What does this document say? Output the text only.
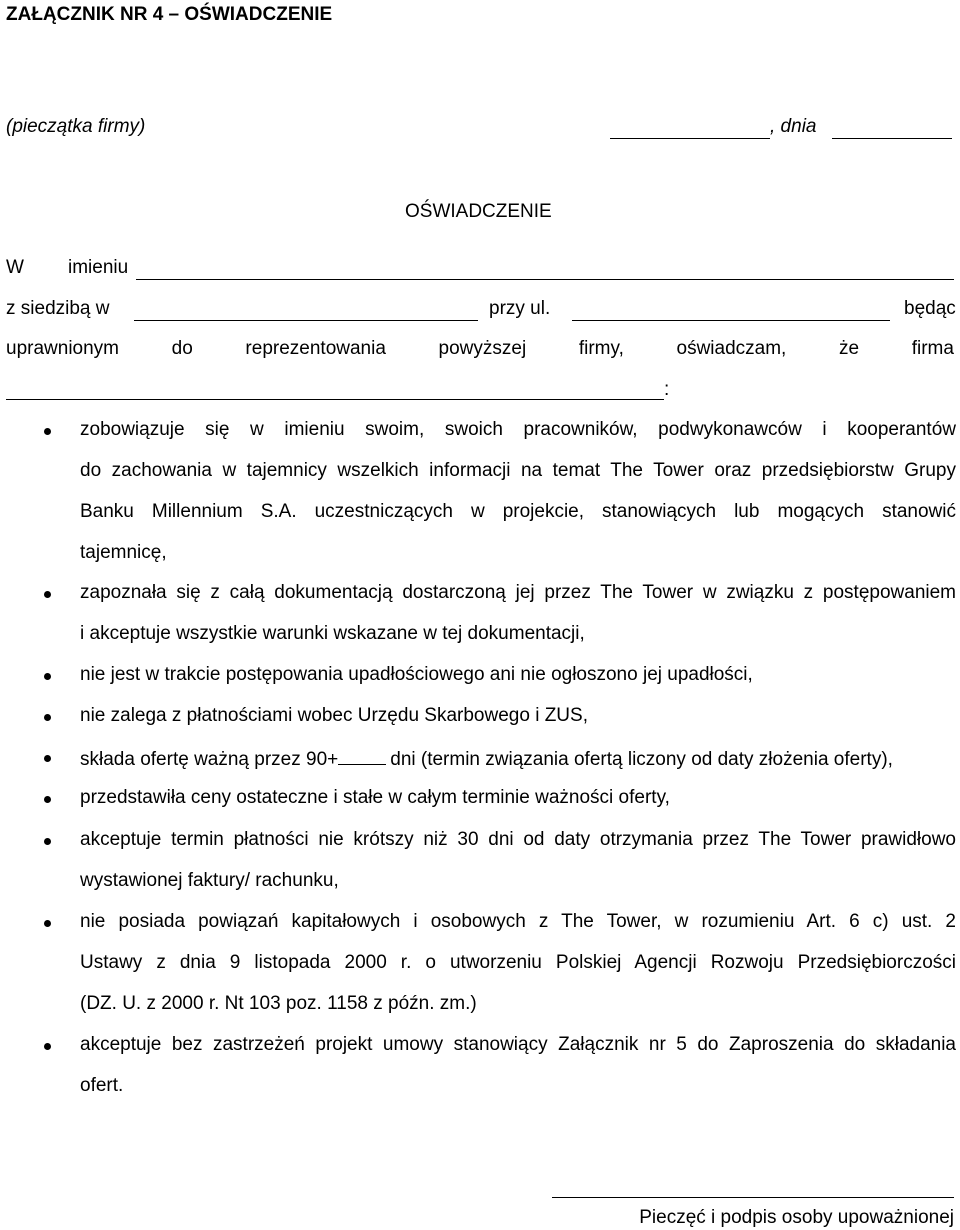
ZAŁĄCZNIK NR 4 – OŚWIADCZENIE
(pieczątka firmy)	, dnia
OŚWIADCZENIE
W imieniu
z siedzibą w	przy ul.	będąc
uprawnionym	do	reprezentowania	powyższej	firmy,	oświadczam,	że	firma
:
zobowiązuje się w imieniu swoim, swoich pracowników, podwykonawców i kooperantów
do zachowania w tajemnicy wszelkich informacji na temat The Tower oraz przedsiębiorstw Grupy
Banku Millennium S.A. uczestniczących w projekcie, stanowiących lub mogących stanowić
tajemnicę,
zapoznała się z całą dokumentacją dostarczoną jej przez The Tower w związku z postępowaniem
i akceptuje wszystkie warunki wskazane w tej dokumentacji,
nie jest w trakcie postępowania upadłościowego ani nie ogłoszono jej upadłości,
nie zalega z płatnościami wobec Urzędu Skarbowego i ZUS,
składa ofertę ważną przez 90+	dni (termin związania ofertą liczony od daty złożenia oferty),
przedstawiła ceny ostateczne i stałe w całym terminie ważności oferty,
akceptuje termin płatności nie krótszy niż 30 dni od daty otrzymania przez The Tower prawidłowo
wystawionej faktury/ rachunku,
nie posiada powiązań kapitałowych i osobowych z The Tower, w rozumieniu Art. 6 c) ust. 2
Ustawy z dnia 9 listopada 2000 r. o utworzeniu Polskiej Agencji Rozwoju Przedsiębiorczości
(DZ. U. z 2000 r. Nt 103 poz. 1158 z późn. zm.)
akceptuje bez zastrzeżeń projekt umowy stanowiący Załącznik nr 5 do Zaproszenia do składania
ofert.
Pieczęć i podpis osoby upoważnionej
